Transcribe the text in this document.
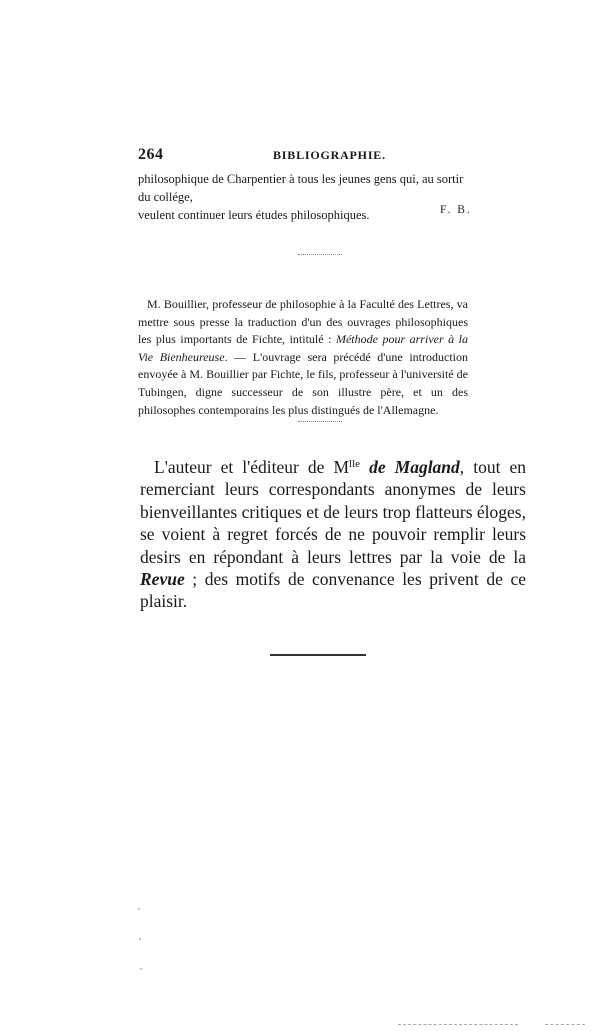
264	BIBLIOGRAPHIE.

philosophique de Charpentier à tous les jeunes gens qui, au sortir du collége,

veulent continuer leurs études philosophiques.	F. B.

M. Bouillier, professeur de philosophie à la Faculté des Lettres, va mettre sous presse la traduction d'un des ouvrages philosophiques les plus importants de Fichte, intitulé : Méthode pour arriver à la Vie Bienheureuse. — L'ouvrage sera précédé d'une introduction envoyée à M. Bouillier par Fichte, le fils, professeur à l'université de Tubingen, digne successeur de son illustre père, et un des philosophes contemporains les plus distingués de l'Allemagne.

L'auteur et l'éditeur de $M^{lle}$ de Magland, tout en remerciant leurs correspondants anonymes de leurs bienveillantes critiques et de leurs trop flatteurs éloges, se voient à regret forcés de ne pouvoir remplir leurs desirs en répondant à leurs lettres par la voie de la Revue ; des motifs de convenance les privent de ce plaisir.
